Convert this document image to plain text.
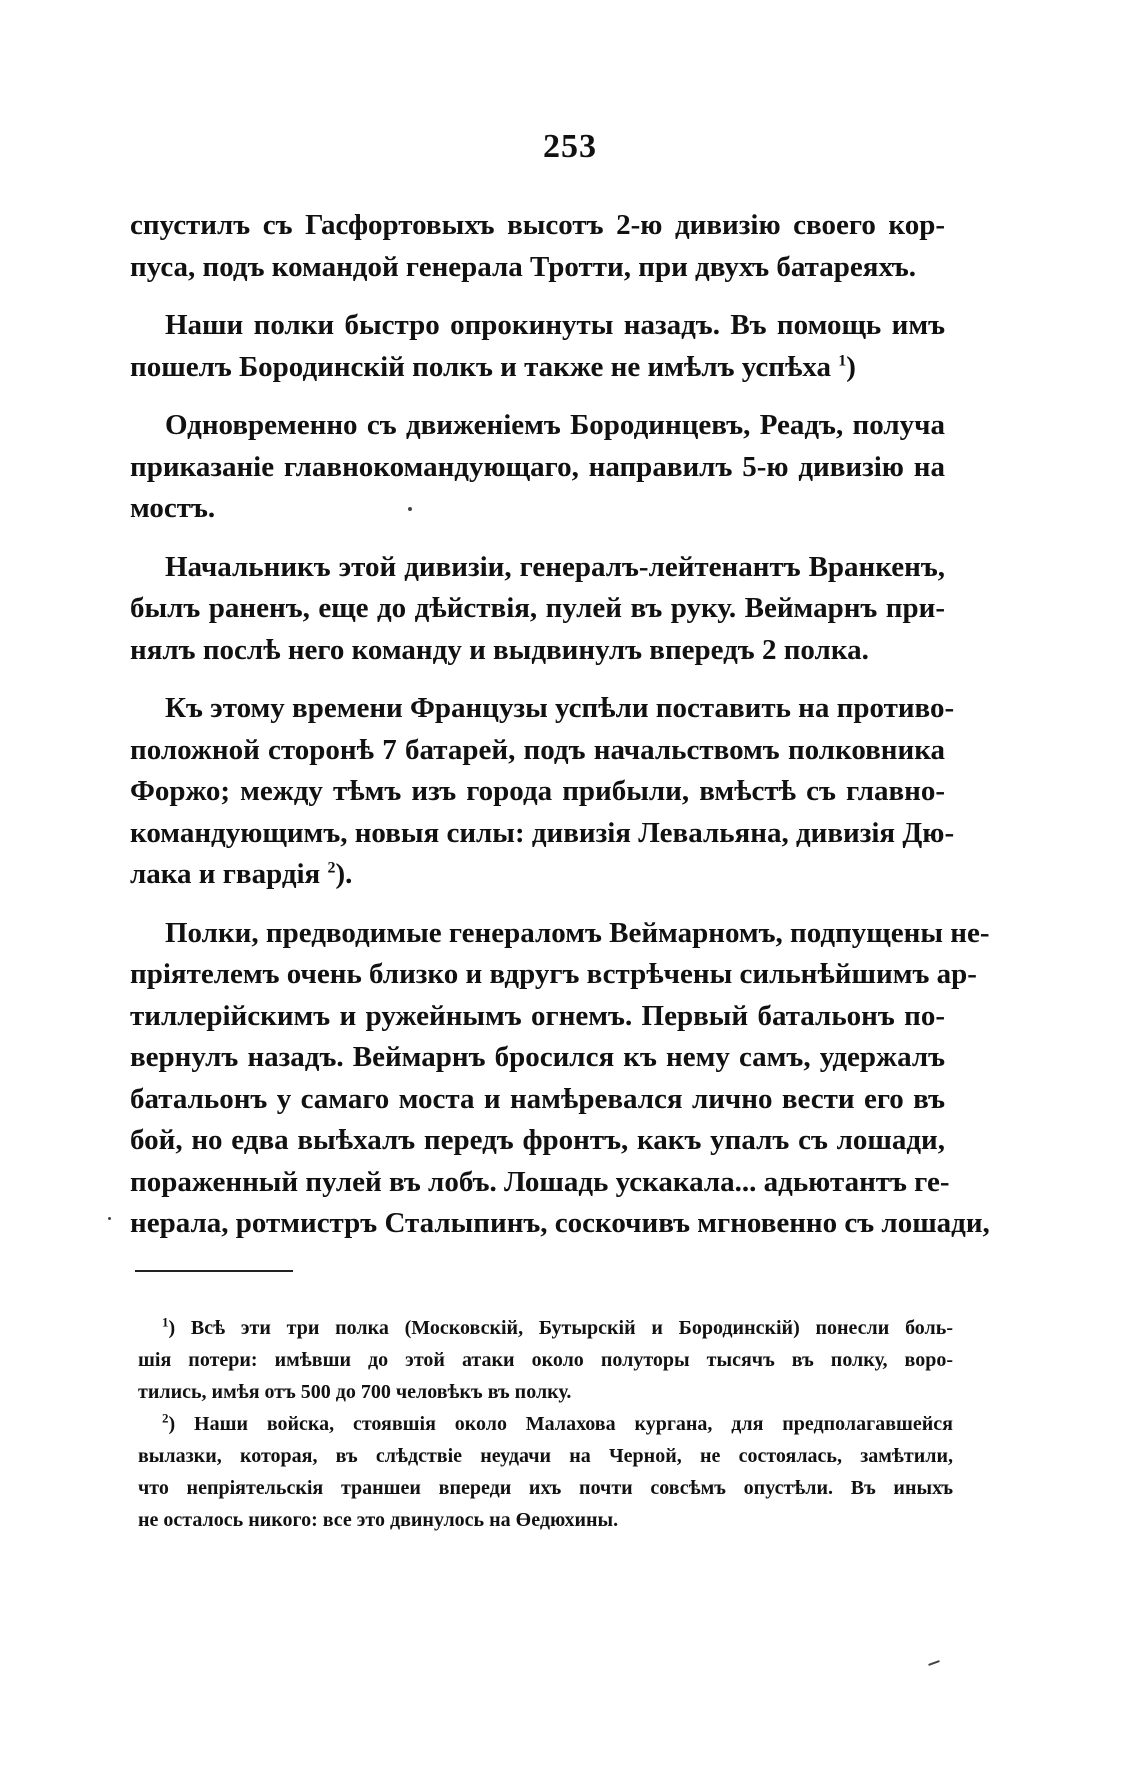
253
спустилъ съ Гасфортовыхъ высотъ 2-ю дивизію своего кор-
пуса, подъ командой генерала Тротти, при двухъ батареяхъ.
Наши полки быстро опрокинуты назадъ. Въ помощь имъ
пошелъ Бородинскій полкъ и также не имѣлъ успѣха $^1$)
Одновременно съ движеніемъ Бородинцевъ, Реадъ, получа
приказаніе главнокомандующаго, направилъ 5-ю дивизію на
мостъ.
Начальникъ этой дивизіи, генералъ-лейтенантъ Вранкенъ,
былъ раненъ, еще до дѣйствія, пулей въ руку. Веймарнъ при-
нялъ послѣ него команду и выдвинулъ впередъ 2 полка.
Къ этому времени Французы успѣли поставить на противо-
положной сторонѣ 7 батарей, подъ начальствомъ полковника
Форжо; между тѣмъ изъ города прибыли, вмѣстѣ съ главно-
командующимъ, новыя силы: дивизія Левальяна, дивизія Дю-
лака и гвардія $^2$).
Полки, предводимые генераломъ Веймарномъ, подпущены не-
пріятелемъ очень близко и вдругъ встрѣчены сильнѣйшимъ ар-
тиллерійскимъ и ружейнымъ огнемъ. Первый батальонъ по-
вернулъ назадъ. Веймарнъ бросился къ нему самъ, удержалъ
батальонъ у самаго моста и намѣревался лично вести его въ
бой, но едва выѣхалъ передъ фронтъ, какъ упалъ съ лошади,
пораженный пулей въ лобъ. Лошадь ускакала... адьютантъ ге-
нерала, ротмистръ Сталыпинъ, соскочивъ мгновенно съ лошади,
$^1$) Всѣ эти три полка (Московскій, Бутырскій и Бородинскій) понесли боль-
шія потери: имѣвши до этой атаки около полуторы тысячъ въ полку, воро-
тились, имѣя отъ 500 до 700 человѣкъ въ полку.
$^2$) Наши войска, стоявшія около Малахова кургана, для предполагавшейся
вылазки, которая, въ слѣдствіе неудачи на Черной, не состоялась, замѣтили,
что непріятельскія траншеи впереди ихъ почти совсѣмъ опустѣли. Въ иныхъ
не осталось никого: все это двинулось на Өедюхины.
